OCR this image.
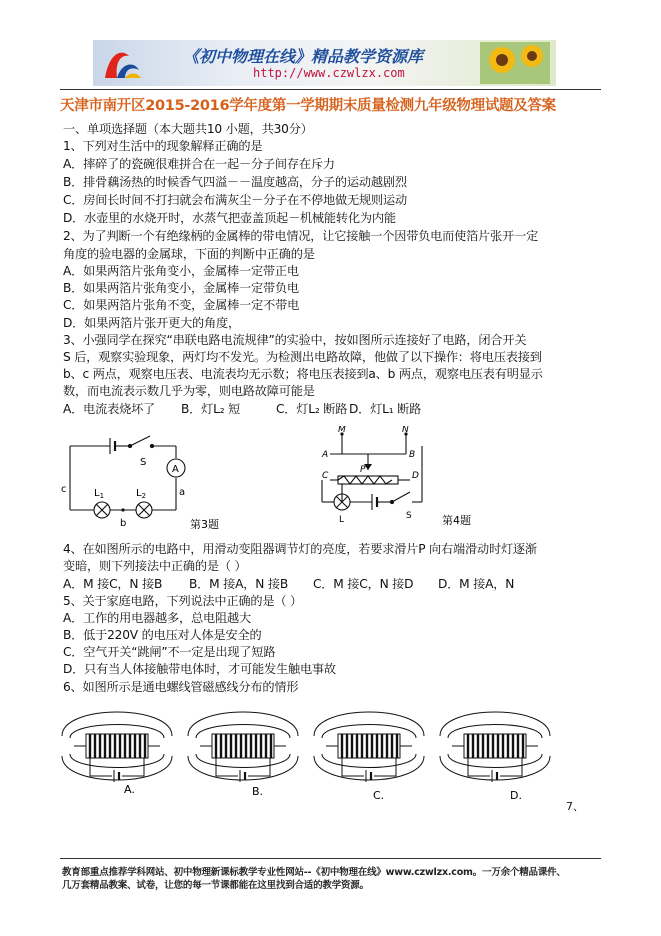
《初中物理在线》精品教学资源库
http://www.czwlzx.com
天津市南开区2015-2016学年度第一学期期末质量检测九年级物理试题及答案
一、单项选择题（本大题共10 小题，共30分）
1、下列对生活中的现象解释正确的是
A．摔碎了的瓷碗很难拼合在一起－分子间存在斥力
B．排骨藕汤热的时候香气四溢－－温度越高，分子的运动越剧烈
C．房间长时间不打扫就会布满灰尘－分子在不停地做无规则运动
D．水壶里的水烧开时，水蒸气把壶盖顶起－机械能转化为内能
2、为了判断一个有绝缘柄的金属棒的带电情况，让它接触一个因带负电而使箔片张开一定
角度的验电器的金属球，下面的判断中正确的是
A．如果两箔片张角变小，金属棒一定带正电
B．如果两箔片张角变小，金属棒一定带负电
C．如果两箔片张角不变，金属棒一定不带电
D．如果两箔片张开更大的角度，
3、小强同学在探究“串联电路电流规律”的实验中，按如图所示连接好了电路，闭合开关
S 后，观察实验现象，两灯均不发光。为检测出电路故障，他做了以下操作：将电压表接到
b、c 两点，观察电压表、电流表均无示数；将电压表接到a、b 两点，观察电压表有明显示
数，而电流表示数几乎为零，则电路故障可能是
A．电流表烧坏了 B．灯L₂ 短	C．灯L₂ 断路 D．灯L₁ 断路
S
A
a
b
c	$L_1$	$L_2$
第3题
M	N
A	B
P
C	D
L	S	第4题
4、在如图所示的电路中，用滑动变阻器调节灯的亮度，若要求滑片P 向右端滑动时灯逐渐
变暗，则下列接法中正确的是（ ）
A．M 接C，N 接B B．M 接A，N 接B C．M 接C，N 接D D．M 接A，N
5、关于家庭电路，下列说法中正确的是（ ）
A．工作的用电器越多，总电阻越大
B．低于220V 的电压对人体是安全的
C．空气开关“跳闸”不一定是出现了短路
D．只有当人体接触带电体时，才可能发生触电事故
6、如图所示是通电螺线管磁感线分布的情形
A.	B.	C.	D.
7、
教育部重点推荐学科网站、初中物理新课标教学专业性网站--《初中物理在线》www.czwlzx.com。一万余个精品课件、
几万套精品教案、试卷，让您的每一节课都能在这里找到合适的教学资源。
